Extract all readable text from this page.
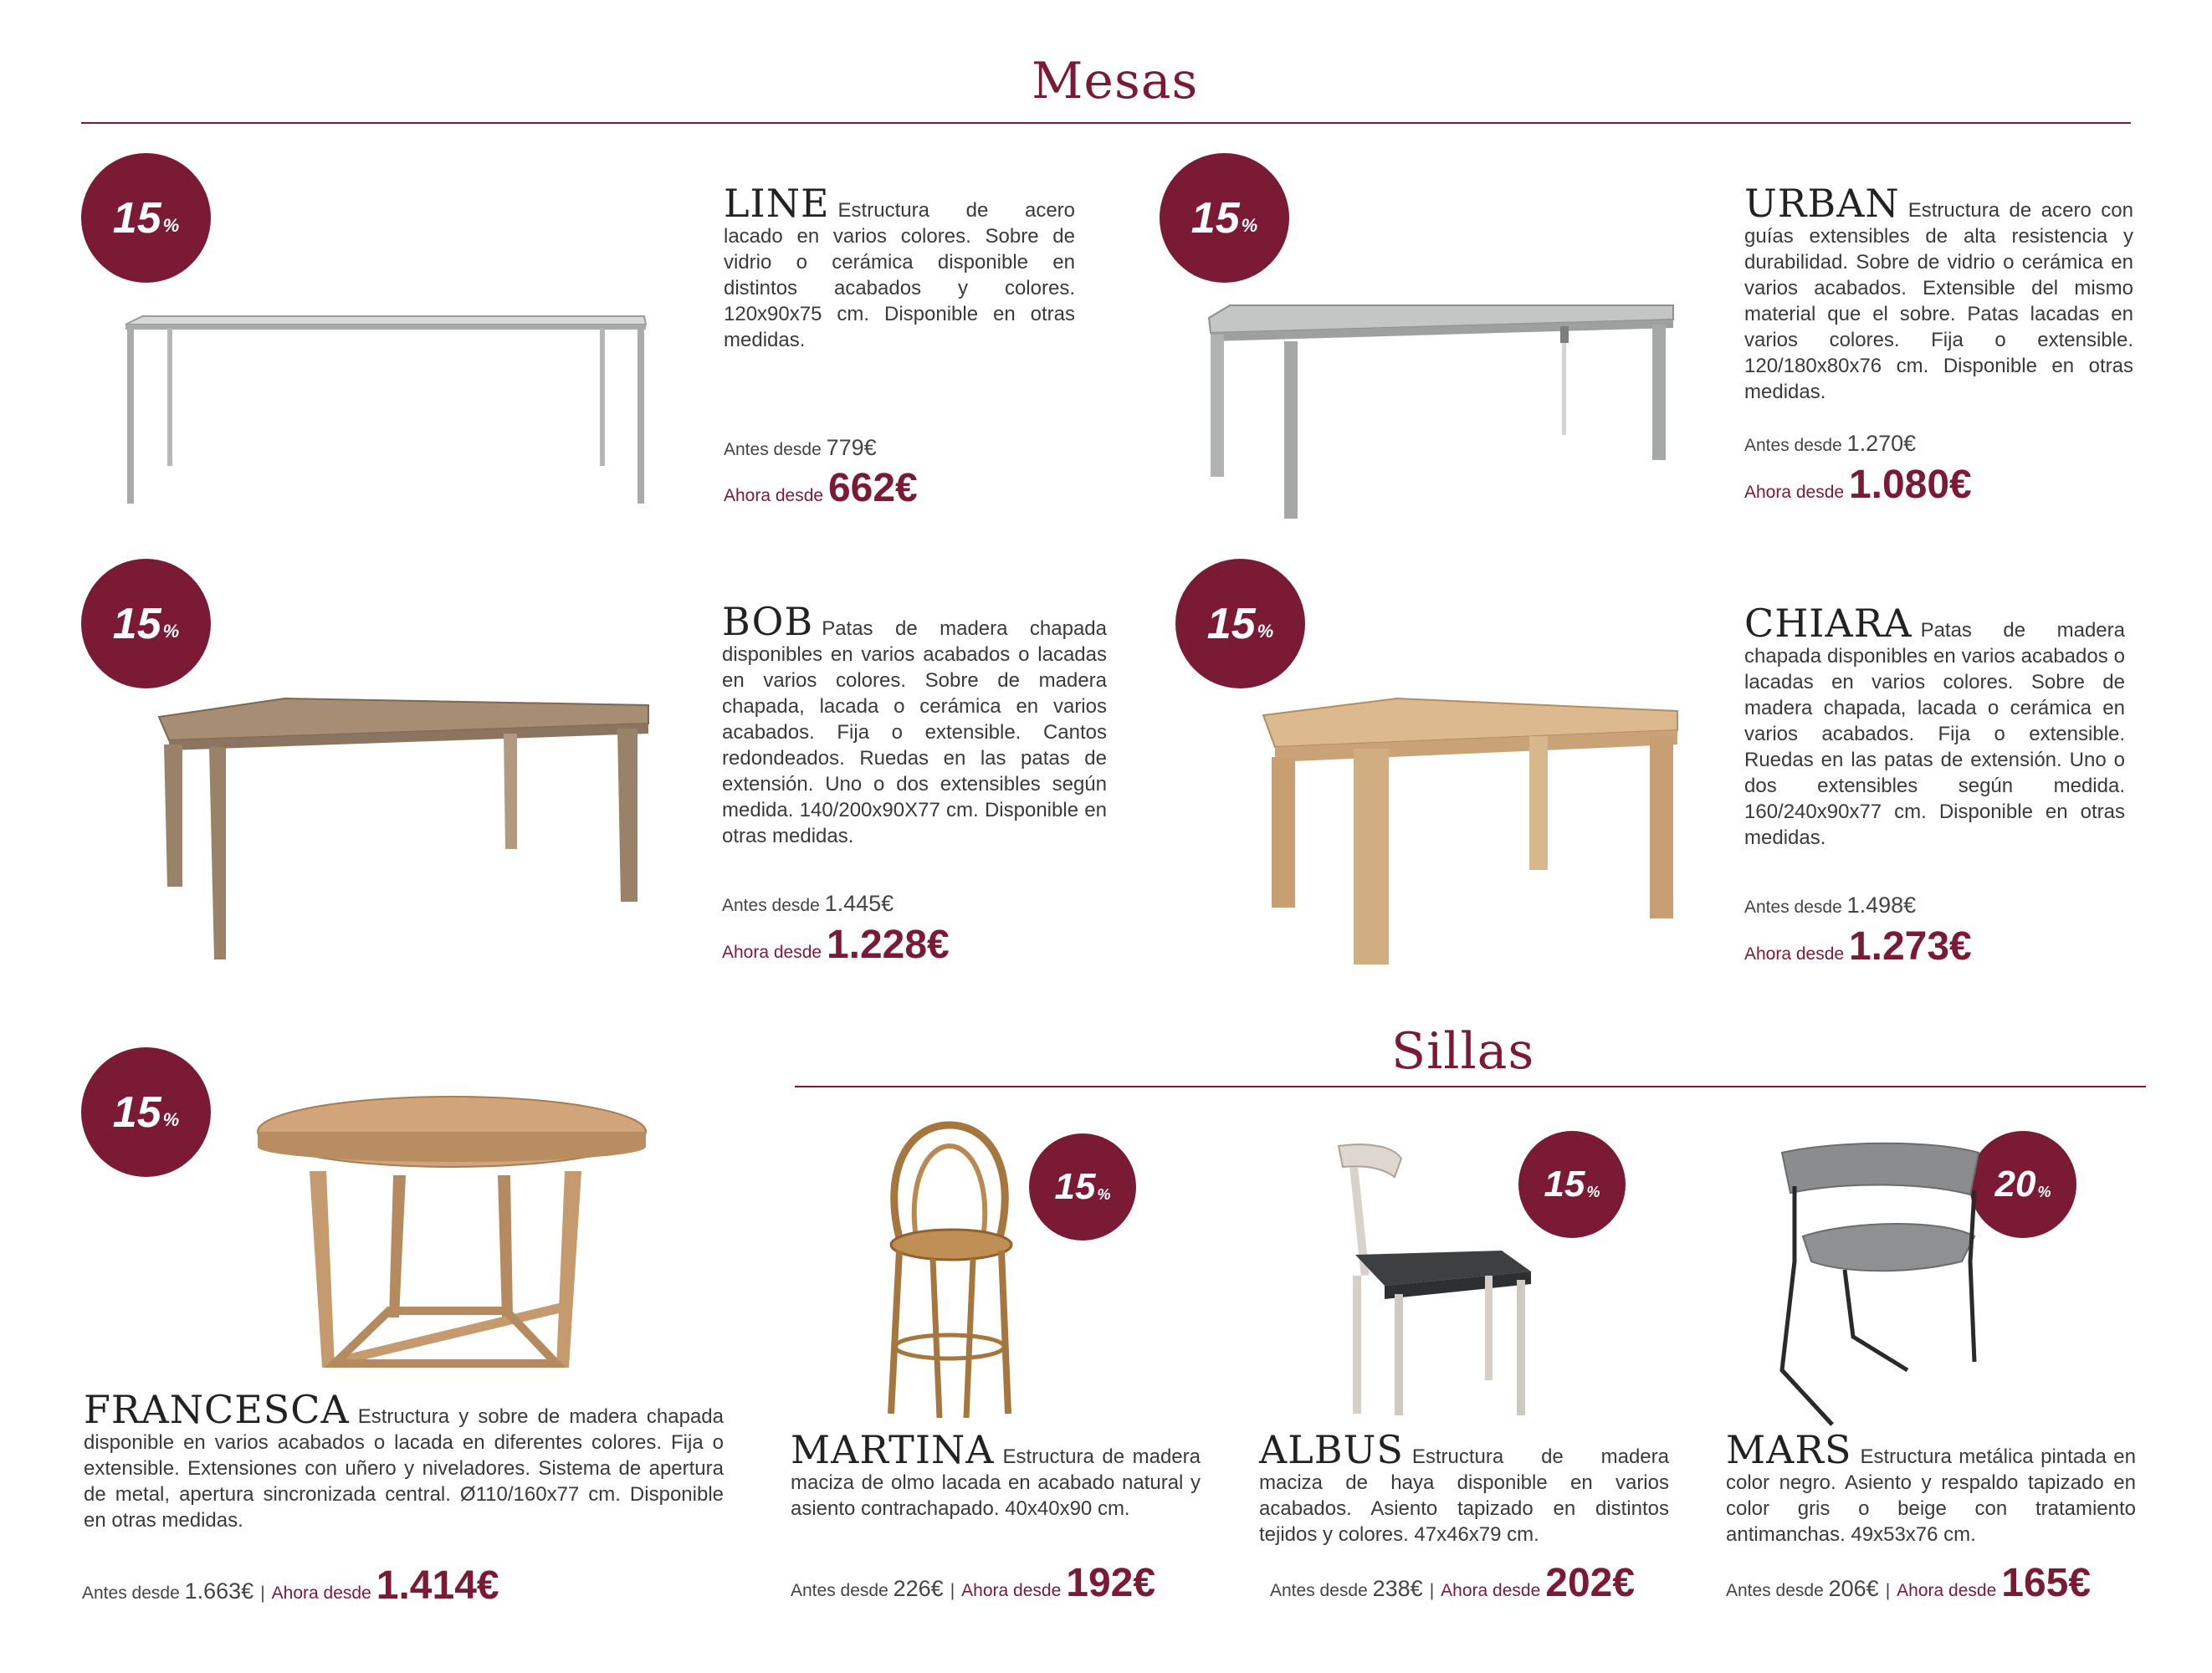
Mesas
15 %	LINE Estructura de acero lacado en varios colores. Sobre de vidrio o cerámica disponible en distintos acabados y colores. 120x90x75 cm. Disponible en otras medidas.
Antes desde 779€
Ahora desde 662€
15 %	URBAN Estructura de acero con guías extensibles de alta resistencia y durabilidad. Sobre de vidrio o cerámica en varios acabados. Extensible del mismo material que el sobre. Patas lacadas en varios colores. Fija o extensible. 120/180x80x76 cm. Disponible en otras medidas.
Antes desde 1.270€
Ahora desde 1.080€
15 %	BOB Patas de madera chapada disponibles en varios acabados o lacadas en varios colores. Sobre de madera chapada, lacada o cerámica en varios acabados. Fija o extensible. Cantos redondeados. Ruedas en las patas de extensión. Uno o dos extensibles según medida. 140/200x90X77 cm. Disponible en otras medidas.
Antes desde 1.445€
Ahora desde 1.228€
15 %	CHIARA Patas de madera chapada disponibles en varios acabados o lacadas en varios colores. Sobre de madera chapada, lacada o cerámica en varios acabados. Fija o extensible. Ruedas en las patas de extensión. Uno o dos extensibles según medida. 160/240x90x77 cm. Disponible en otras medidas.
Antes desde 1.498€
Ahora desde 1.273€
15 %
FRANCESCA Estructura y sobre de madera chapada disponible en varios acabados o lacada en diferentes colores. Fija o extensible. Extensiones con uñero y niveladores. Sistema de apertura de metal, apertura sincronizada central. Ø110/160x77 cm. Disponible en otras medidas.
Antes desde 1.663€ | Ahora desde 1.414€
Sillas
15 %
MARTINA Estructura de madera maciza de olmo lacada en acabado natural y asiento contrachapado. 40x40x90 cm.
Antes desde 226€ | Ahora desde 192€
15 %
ALBUS Estructura de madera maciza de haya disponible en varios acabados. Asiento tapizado en distintos tejidos y colores. 47x46x79 cm.
Antes desde 238€ | Ahora desde 202€
20 %
MARS Estructura metálica pintada en color negro. Asiento y respaldo tapizado en color gris o beige con tratamiento antimanchas. 49x53x76 cm.
Antes desde 206€ | Ahora desde 165€
